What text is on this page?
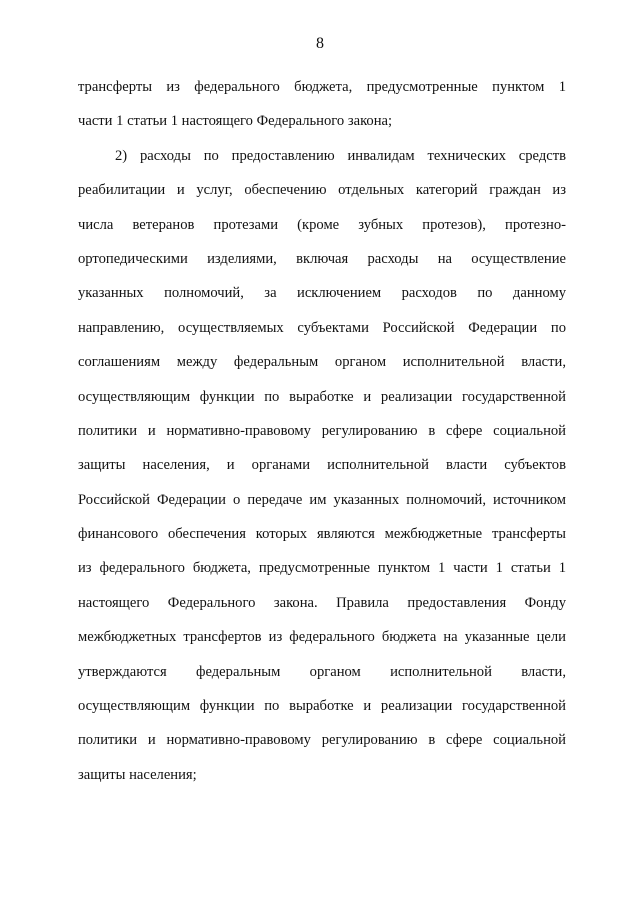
8
трансферты из федерального бюджета, предусмотренные пунктом 1
части 1 статьи 1 настоящего Федерального закона;
2) расходы по предоставлению инвалидам технических средств
реабилитации и услуг, обеспечению отдельных категорий граждан из
числа ветеранов протезами (кроме зубных протезов), протезно-
ортопедическими изделиями, включая расходы на осуществление
указанных полномочий, за исключением расходов по данному
направлению, осуществляемых субъектами Российской Федерации по
соглашениям между федеральным органом исполнительной власти,
осуществляющим функции по выработке и реализации государственной
политики и нормативно-правовому регулированию в сфере социальной
защиты населения, и органами исполнительной власти субъектов
Российской Федерации о передаче им указанных полномочий, источником
финансового обеспечения которых являются межбюджетные трансферты
из федерального бюджета, предусмотренные пунктом 1 части 1 статьи 1
настоящего Федерального закона. Правила предоставления Фонду
межбюджетных трансфертов из федерального бюджета на указанные цели
утверждаются федеральным органом исполнительной власти,
осуществляющим функции по выработке и реализации государственной
политики и нормативно-правовому регулированию в сфере социальной
защиты населения;
